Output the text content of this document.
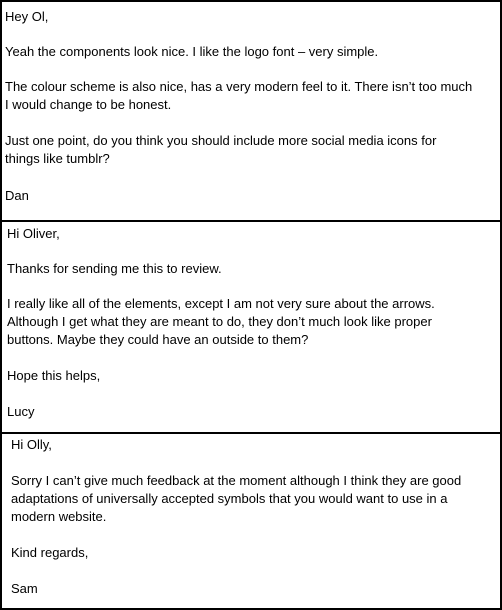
Hey Ol,

Yeah the components look nice. I like the logo font – very simple.

The colour scheme is also nice, has a very modern feel to it. There isn’t too much

I would change to be honest.

Just one point, do you think you should include more social media icons for

things like tumblr?

Dan

Hi Oliver,

Thanks for sending me this to review.

I really like all of the elements, except I am not very sure about the arrows.

Although I get what they are meant to do, they don’t much look like proper

buttons. Maybe they could have an outside to them?

Hope this helps,

Lucy

Hi Olly,

Sorry I can’t give much feedback at the moment although I think they are good

adaptations of universally accepted symbols that you would want to use in a

modern website.

Kind regards,

Sam
